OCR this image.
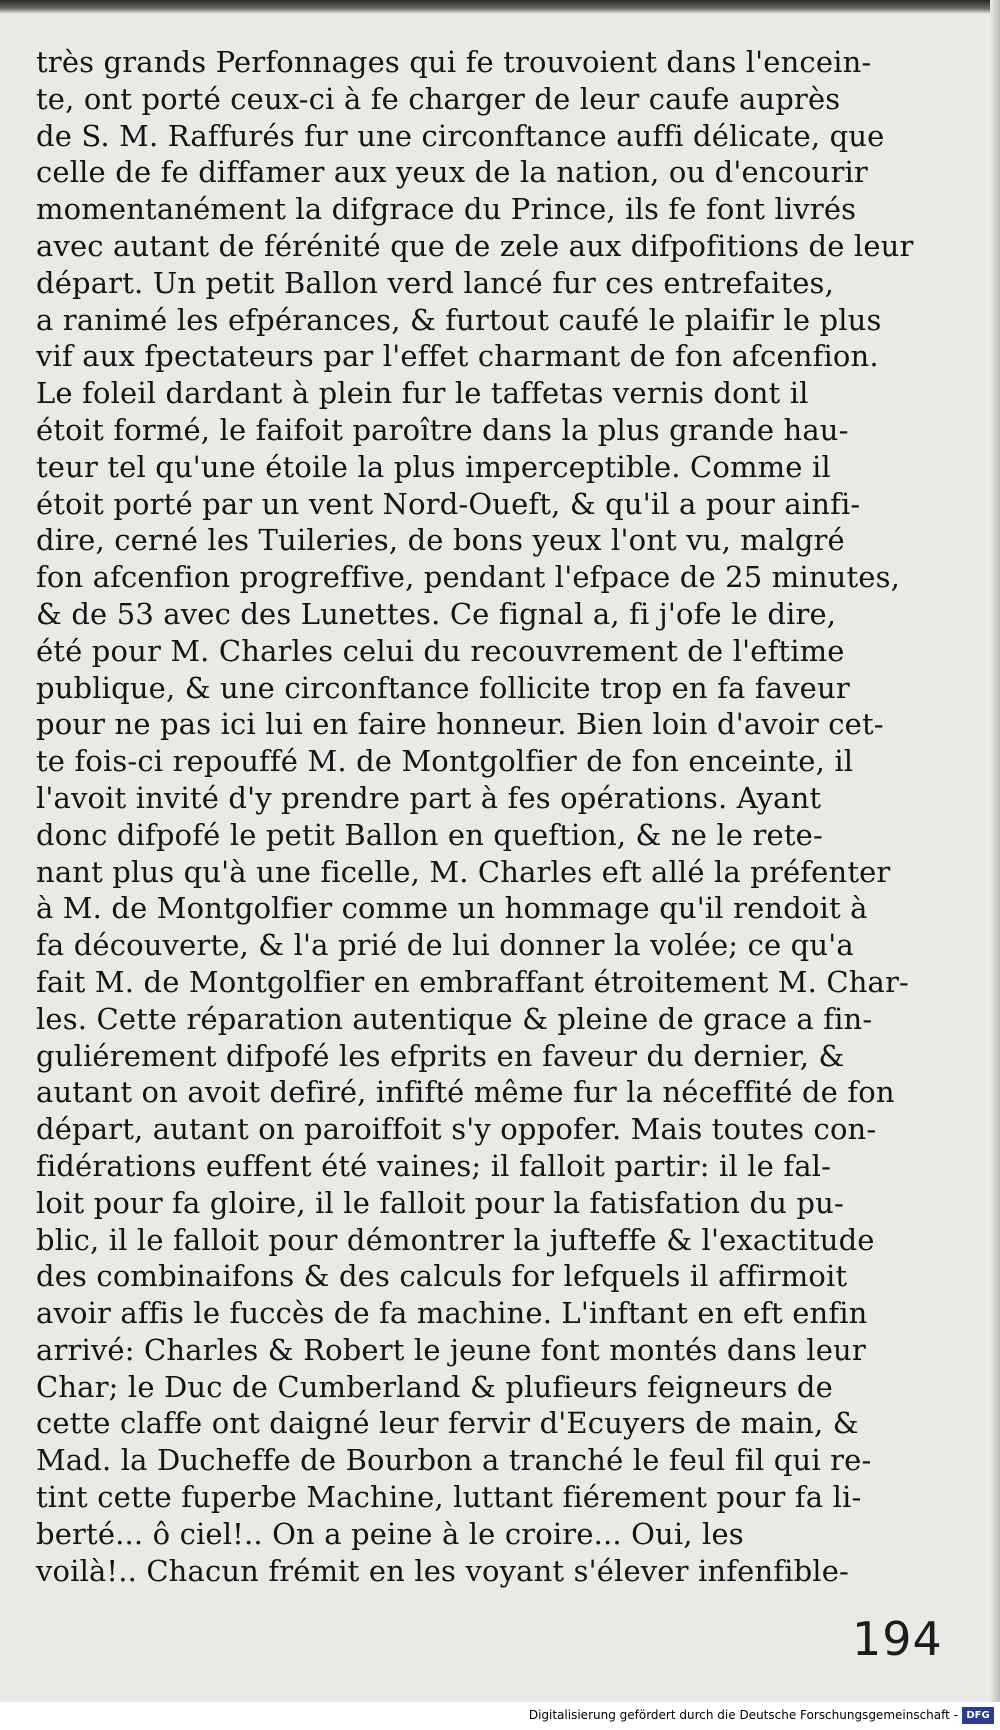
très grands Perfonnages qui fe trouvoient dans l'encein-
te, ont porté ceux-ci à fe charger de leur caufe auprès
de S. M. Raffurés fur une circonftance auffi délicate, que
celle de fe diffamer aux yeux de la nation, ou d'encourir
momentanément la difgrace du Prince, ils fe font livrés
avec autant de férénité que de zele aux difpofitions de leur
départ. Un petit Ballon verd lancé fur ces entrefaites,
a ranimé les efpérances, & furtout caufé le plaifir le plus
vif aux fpectateurs par l'effet charmant de fon afcenfion.
Le foleil dardant à plein fur le taffetas vernis dont il
étoit formé, le faifoit paroître dans la plus grande hau-
teur tel qu'une étoile la plus imperceptible. Comme il
étoit porté par un vent Nord-Oueft, & qu'il a pour ainfi-
dire, cerné les Tuileries, de bons yeux l'ont vu, malgré
fon afcenfion progreffive, pendant l'efpace de 25 minutes,
& de 53 avec des Lunettes. Ce fignal a, fi j'ofe le dire,
été pour M. Charles celui du recouvrement de l'eftime
publique, & une circonftance follicite trop en fa faveur
pour ne pas ici lui en faire honneur. Bien loin d'avoir cet-
te fois-ci repouffé M. de Montgolfier de fon enceinte, il
l'avoit invité d'y prendre part à fes opérations. Ayant
donc difpofé le petit Ballon en queftion, & ne le rete-
nant plus qu'à une ficelle, M. Charles eft allé la préfenter
à M. de Montgolfier comme un hommage qu'il rendoit à
fa découverte, & l'a prié de lui donner la volée; ce qu'a
fait M. de Montgolfier en embraffant étroitement M. Char-
les. Cette réparation autentique & pleine de grace a fin-
guliérement difpofé les efprits en faveur du dernier, &
autant on avoit defiré, infifté même fur la néceffité de fon
départ, autant on paroiffoit s'y oppofer. Mais toutes con-
fidérations euffent été vaines; il falloit partir: il le fal-
loit pour fa gloire, il le falloit pour la fatisfation du pu-
blic, il le falloit pour démontrer la jufteffe & l'exactitude
des combinaifons & des calculs for lefquels il affirmoit
avoir affis le fuccès de fa machine. L'inftant en eft enfin
arrivé: Charles & Robert le jeune font montés dans leur
Char; le Duc de Cumberland & plufieurs feigneurs de
cette claffe ont daigné leur fervir d'Ecuyers de main, &
Mad. la Ducheffe de Bourbon a tranché le feul fil qui re-
tint cette fuperbe Machine, luttant fiérement pour fa li-
berté... ô ciel!.. On a peine à le croire... Oui, les
voilà!.. Chacun frémit en les voyant s'élever infenfible-
194
Digitalisierung gefördert durch die Deutsche Forschungsgemeinschaft - DFG
